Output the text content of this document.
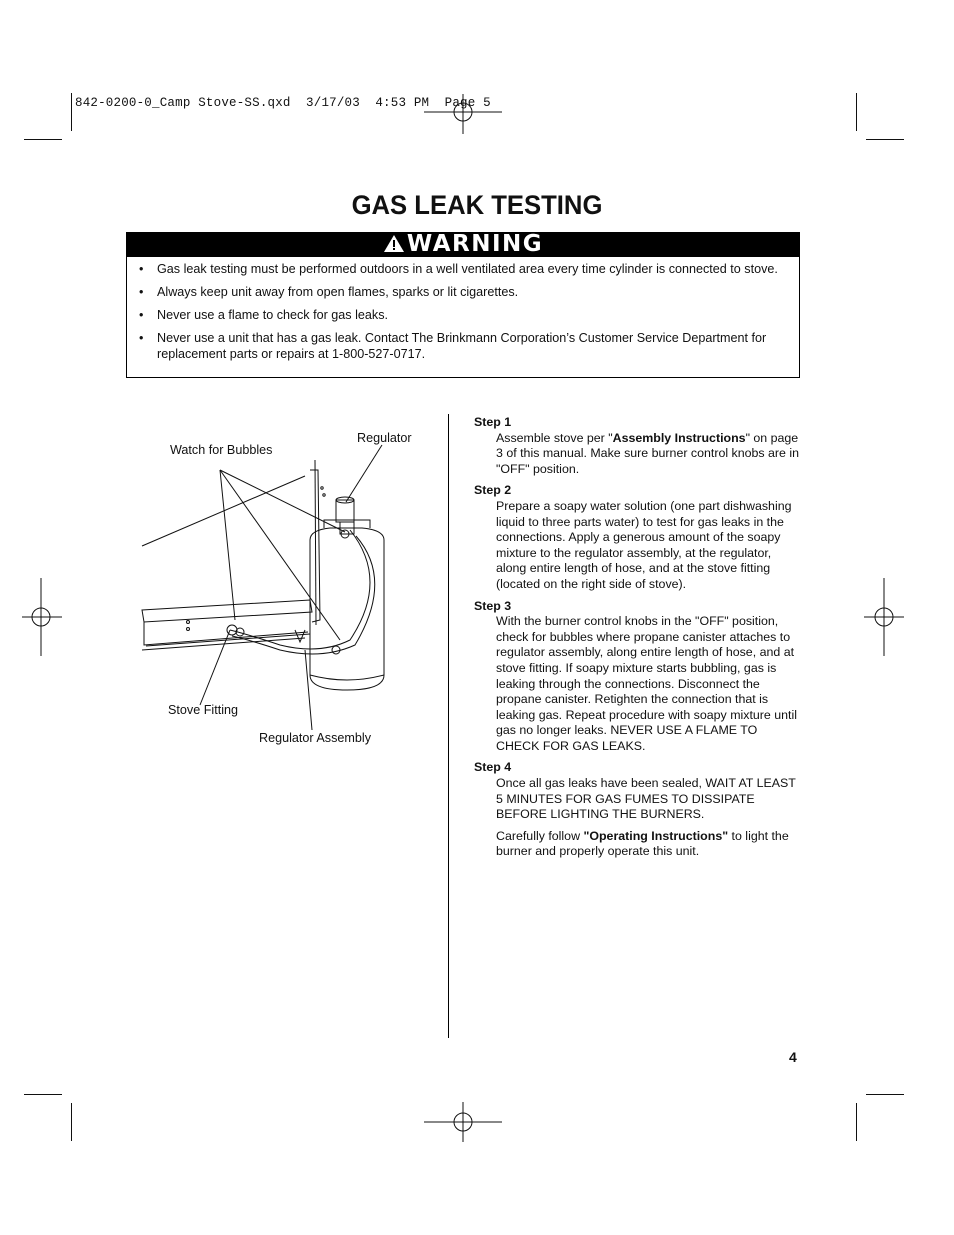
842-0200-0_Camp Stove-SS.qxd  3/17/03  4:53 PM  Page 5
GAS LEAK TESTING
WARNING
• Gas leak testing must be performed outdoors in a well ventilated area every time cylinder is connected to stove.
• Always keep unit away from open flames, sparks or lit cigarettes.
• Never use a flame to check for gas leaks.
• Never use a unit that has a gas leak. Contact The Brinkmann Corporation’s Customer Service Department for replacement parts or repairs at 1-800-527-0717.
Watch for Bubbles
Regulator
Stove Fitting
Regulator Assembly
Step 1
Assemble stove per "Assembly Instructions" on page 3 of this manual. Make sure burner control knobs are in "OFF" position.
Step 2
Prepare a soapy water solution (one part dishwashing liquid to three parts water) to test for gas leaks in the connections. Apply a generous amount of the soapy mixture to the regulator assembly, at the regulator, along entire length of hose, and at the stove fitting (located on the right side of stove).
Step 3
With the burner control knobs in the "OFF" position, check for bubbles where propane canister attaches to regulator assembly, along entire length of hose, and at stove fitting. If soapy mixture starts bubbling, gas is leaking through the connections. Disconnect the propane canister. Retighten the connection that is leaking gas. Repeat procedure with soapy mixture until gas no longer leaks. NEVER USE A FLAME TO CHECK FOR GAS LEAKS.
Step 4
Once all gas leaks have been sealed, WAIT AT LEAST 5 MINUTES FOR GAS FUMES TO DISSIPATE BEFORE LIGHTING THE BURNERS.
Carefully follow "Operating Instructions" to light the burner and properly operate this unit.
4
